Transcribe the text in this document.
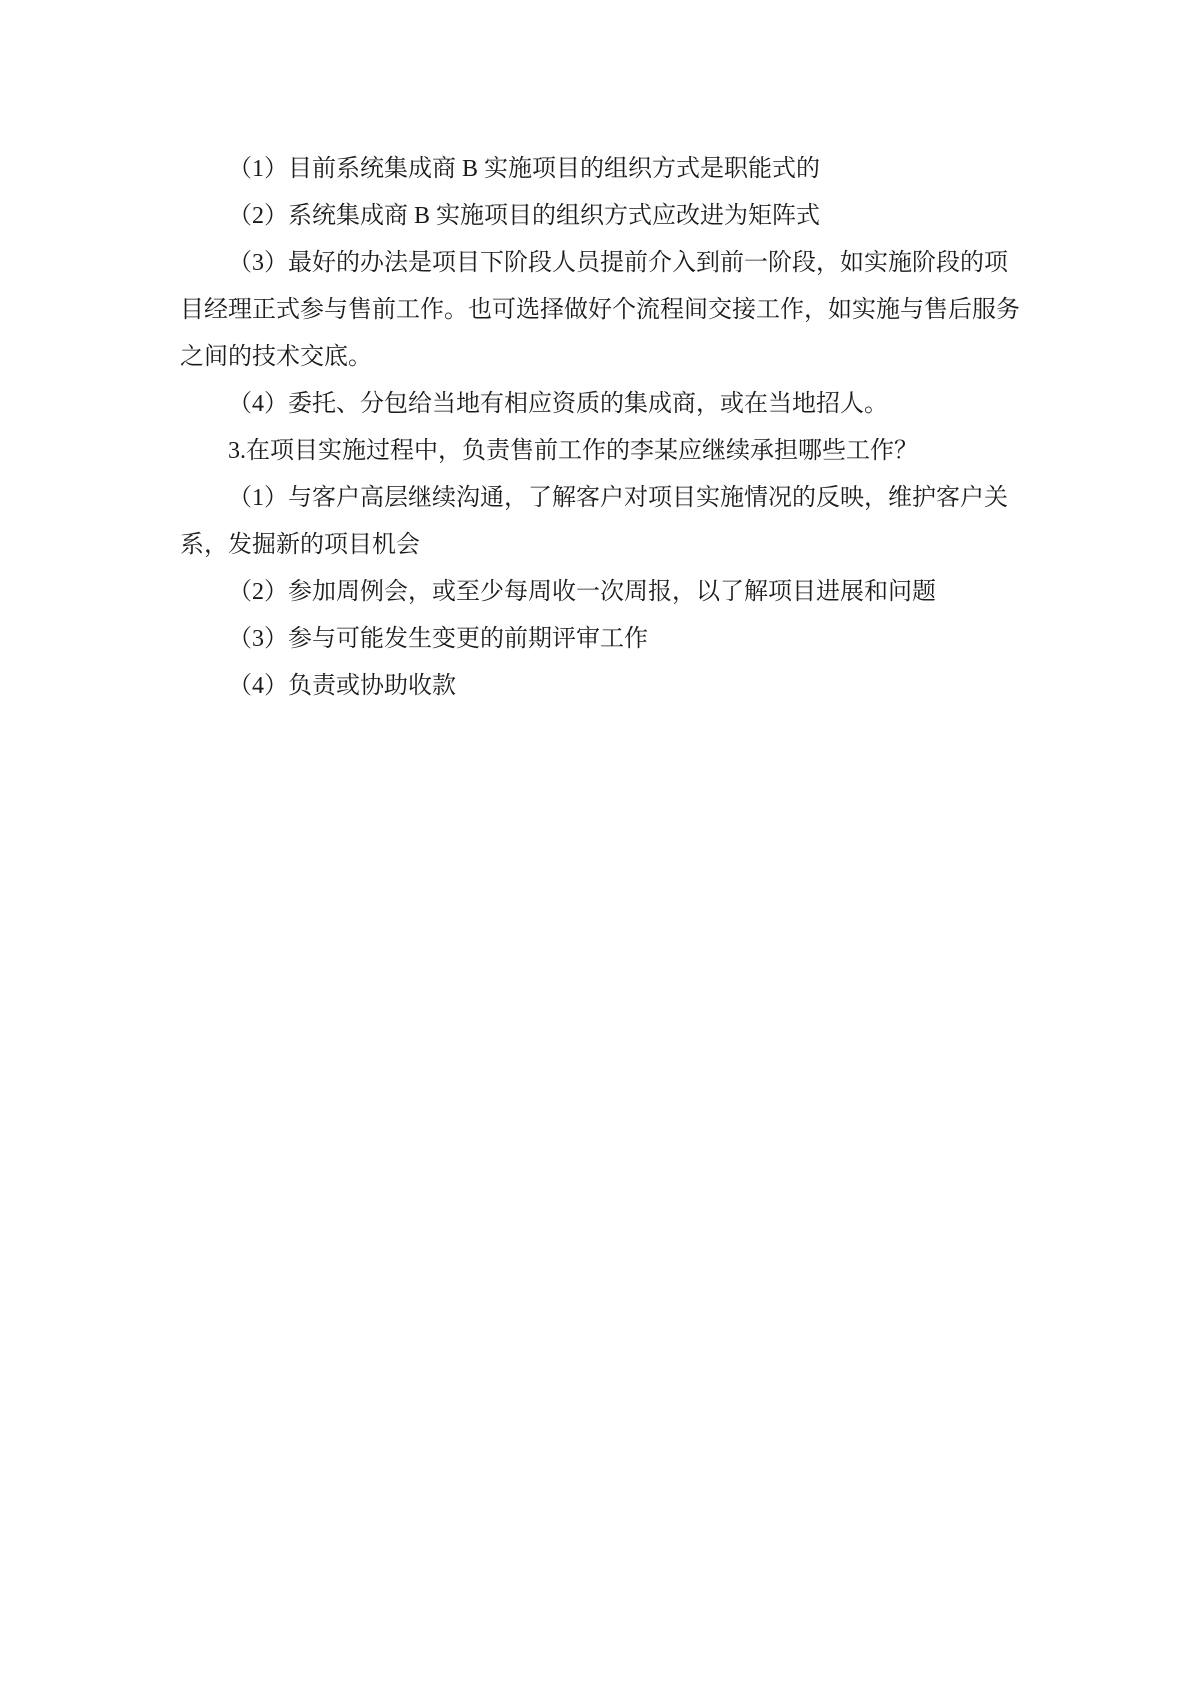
（1）目前系统集成商 B 实施项目的组织方式是职能式的

（2）系统集成商 B 实施项目的组织方式应改进为矩阵式

（3）最好的办法是项目下阶段人员提前介入到前一阶段，如实施阶段的项
目经理正式参与售前工作。也可选择做好个流程间交接工作，如实施与售后服务
之间的技术交底。

（4）委托、分包给当地有相应资质的集成商，或在当地招人。

3.在项目实施过程中，负责售前工作的李某应继续承担哪些工作？

（1）与客户高层继续沟通，了解客户对项目实施情况的反映，维护客户关
系，发掘新的项目机会

（2）参加周例会，或至少每周收一次周报，以了解项目进展和问题

（3）参与可能发生变更的前期评审工作

（4）负责或协助收款
